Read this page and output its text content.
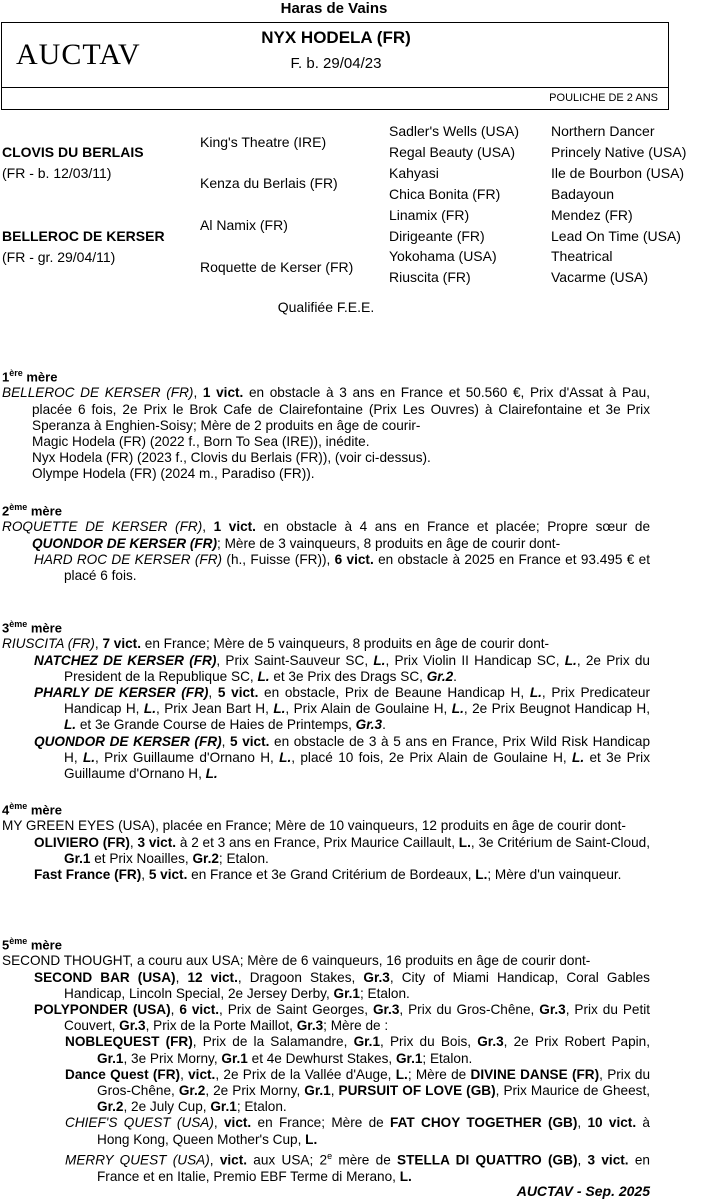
Haras de Vains
AUCTAV
NYX HODELA (FR)
F. b. 29/04/23
POULICHE DE 2 ANS
CLOVIS DU BERLAIS
(FR - b. 12/03/11)
BELLEROC DE KERSER
(FR - gr. 29/04/11)
King's Theatre (IRE)
Kenza du Berlais (FR)
Al Namix (FR)
Roquette de Kerser (FR)
Sadler's Wells (USA)
Regal Beauty (USA)
Kahyasi
Chica Bonita (FR)
Linamix (FR)
Dirigeante (FR)
Yokohama (USA)
Riuscita (FR)
Northern Dancer
Princely Native (USA)
Ile de Bourbon (USA)
Badayoun
Mendez (FR)
Lead On Time (USA)
Theatrical
Vacarme (USA)
Qualifiée F.E.E.
1ère mère
BELLEROC DE KERSER (FR), 1 vict. en obstacle à 3 ans en France et 50.560 €, Prix d'Assat à Pau, placée 6 fois, 2e Prix le Brok Cafe de Clairefontaine (Prix Les Ouvres) à Clairefontaine et 3e Prix Speranza à Enghien-Soisy; Mère de 2 produits en âge de courir-
Magic Hodela (FR) (2022 f., Born To Sea (IRE)), inédite.
Nyx Hodela (FR) (2023 f., Clovis du Berlais (FR)), (voir ci-dessus).
Olympe Hodela (FR) (2024 m., Paradiso (FR)).
2ème mère
ROQUETTE DE KERSER (FR), 1 vict. en obstacle à 4 ans en France et placée; Propre sœur de QUONDOR DE KERSER (FR); Mère de 3 vainqueurs, 8 produits en âge de courir dont-
HARD ROC DE KERSER (FR) (h., Fuisse (FR)), 6 vict. en obstacle à 2025 en France et 93.495 € et placé 6 fois.
3ème mère
RIUSCITA (FR), 7 vict. en France; Mère de 5 vainqueurs, 8 produits en âge de courir dont-
NATCHEZ DE KERSER (FR), Prix Saint-Sauveur SC, L., Prix Violin II Handicap SC, L., 2e Prix du President de la Republique SC, L. et 3e Prix des Drags SC, Gr.2.
PHARLY DE KERSER (FR), 5 vict. en obstacle, Prix de Beaune Handicap H, L., Prix Predicateur Handicap H, L., Prix Jean Bart H, L., Prix Alain de Goulaine H, L., 2e Prix Beugnot Handicap H, L. et 3e Grande Course de Haies de Printemps, Gr.3.
QUONDOR DE KERSER (FR), 5 vict. en obstacle de 3 à 5 ans en France, Prix Wild Risk Handicap H, L., Prix Guillaume d'Ornano H, L., placé 10 fois, 2e Prix Alain de Goulaine H, L. et 3e Prix Guillaume d'Ornano H, L.
4ème mère
MY GREEN EYES (USA), placée en France; Mère de 10 vainqueurs, 12 produits en âge de courir dont-
OLIVIERO (FR), 3 vict. à 2 et 3 ans en France, Prix Maurice Caillault, L., 3e Critérium de Saint-Cloud, Gr.1 et Prix Noailles, Gr.2; Etalon.
Fast France (FR), 5 vict. en France et 3e Grand Critérium de Bordeaux, L.; Mère d'un vainqueur.
5ème mère
SECOND THOUGHT, a couru aux USA; Mère de 6 vainqueurs, 16 produits en âge de courir dont-
SECOND BAR (USA), 12 vict., Dragoon Stakes, Gr.3, City of Miami Handicap, Coral Gables Handicap, Lincoln Special, 2e Jersey Derby, Gr.1; Etalon.
POLYPONDER (USA), 6 vict., Prix de Saint Georges, Gr.3, Prix du Gros-Chêne, Gr.3, Prix du Petit Couvert, Gr.3, Prix de la Porte Maillot, Gr.3; Mère de :
NOBLEQUEST (FR), Prix de la Salamandre, Gr.1, Prix du Bois, Gr.3, 2e Prix Robert Papin, Gr.1, 3e Prix Morny, Gr.1 et 4e Dewhurst Stakes, Gr.1; Etalon.
Dance Quest (FR), vict., 2e Prix de la Vallée d'Auge, L.; Mère de DIVINE DANSE (FR), Prix du Gros-Chêne, Gr.2, 2e Prix Morny, Gr.1, PURSUIT OF LOVE (GB), Prix Maurice de Gheest, Gr.2, 2e July Cup, Gr.1; Etalon.
CHIEF'S QUEST (USA), vict. en France; Mère de FAT CHOY TOGETHER (GB), 10 vict. à Hong Kong, Queen Mother's Cup, L.
MERRY QUEST (USA), vict. aux USA; 2e mère de STELLA DI QUATTRO (GB), 3 vict. en France et en Italie, Premio EBF Terme di Merano, L.
AUCTAV - Sep. 2025
